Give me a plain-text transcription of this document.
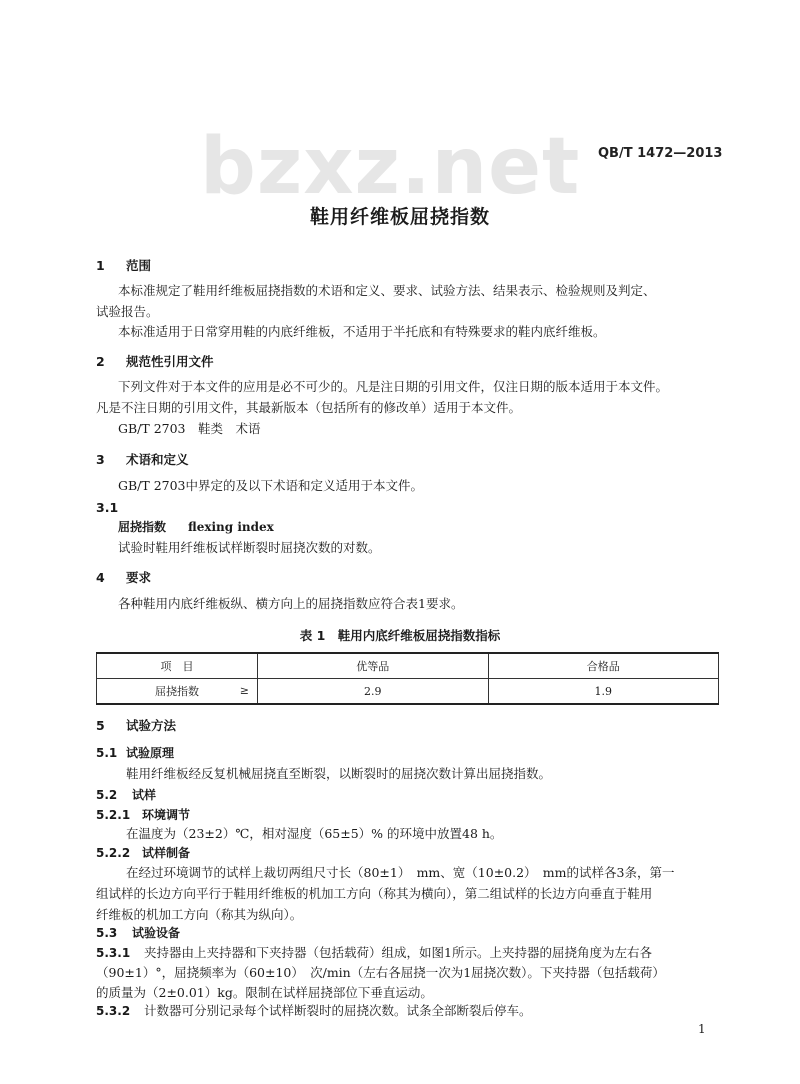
bzxz.net QB/T 1472—2013
鞋用纤维板屈挠指数
1 范围
本标准规定了鞋用纤维板屈挠指数的术语和定义、要求、试验方法、结果表示、检验规则及判定、
试验报告。
本标准适用于日常穿用鞋的内底纤维板，不适用于半托底和有特殊要求的鞋内底纤维板。
2 规范性引用文件
下列文件对于本文件的应用是必不可少的。凡是注日期的引用文件，仅注日期的版本适用于本文件。
凡是不注日期的引用文件，其最新版本（包括所有的修改单）适用于本文件。
GB/T 2703　鞋类　术语
3 术语和定义
GB/T 2703中界定的及以下术语和定义适用于本文件。
3.1
屈挠指数 flexing index
试验时鞋用纤维板试样断裂时屈挠次数的对数。
4 要求
各种鞋用内底纤维板纵、横方向上的屈挠指数应符合表1要求。
表 1　鞋用内底纤维板屈挠指数指标
项　目	优等品	合格品
屈挠指数 ≥	2.9	1.9
5 试验方法
5.1 试验原理
鞋用纤维板经反复机械屈挠直至断裂，以断裂时的屈挠次数计算出屈挠指数。
5.2 试样
5.2.1 环境调节
在温度为（23±2）℃，相对湿度（65±5）% 的环境中放置48 h。
5.2.2 试样制备
在经过环境调节的试样上裁切两组尺寸长（80±1）　mm、宽（10±0.2）　mm的试样各3条，第一
组试样的长边方向平行于鞋用纤维板的机加工方向（称其为横向），第二组试样的长边方向垂直于鞋用
纤维板的机加工方向（称其为纵向）。
5.3 试验设备
5.3.1 夹持器由上夹持器和下夹持器（包括载荷）组成，如图1所示。上夹持器的屈挠角度为左右各
（90±1）°，屈挠频率为（60±10）　次/min（左右各屈挠一次为1屈挠次数）。下夹持器（包括载荷）
的质量为（2±0.01）kg。限制在试样屈挠部位下垂直运动。
5.3.2 计数器可分别记录每个试样断裂时的屈挠次数。试条全部断裂后停车。
1
